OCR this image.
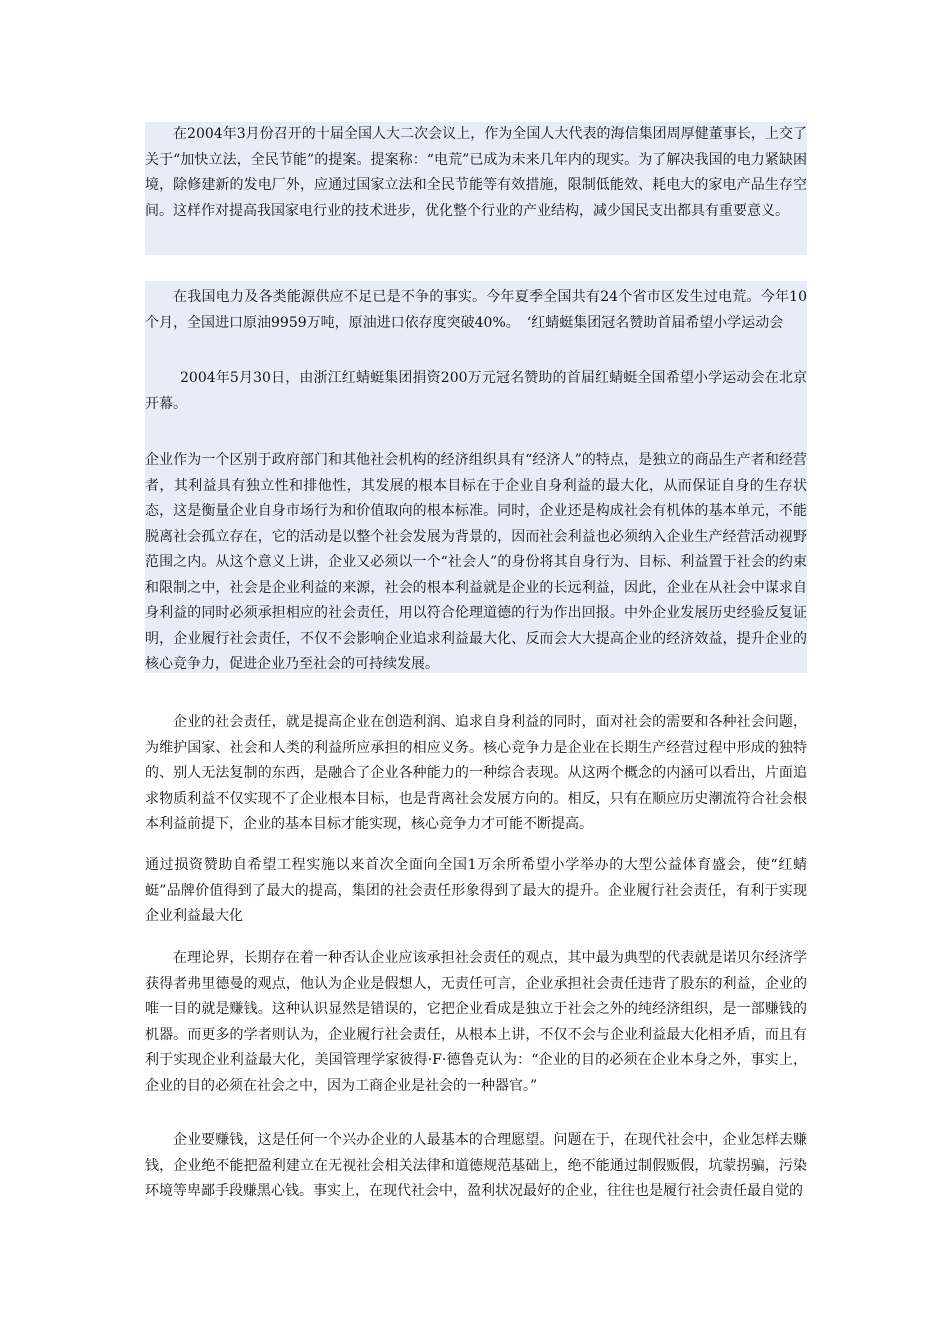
在2004年3月份召开的十届全国人大二次会议上，作为全国人大代表的海信集团周厚健董事长，上交了关于“加快立法，全民节能”的提案。提案称：“电荒”已成为未来几年内的现实。为了解决我国的电力紧缺困境，除修建新的发电厂外，应通过国家立法和全民节能等有效措施，限制低能效、耗电大的家电产品生存空间。这样作对提高我国家电行业的技术进步，优化整个行业的产业结构，减少国民支出都具有重要意义。

在我国电力及各类能源供应不足已是不争的事实。今年夏季全国共有24个省市区发生过电荒。今年10个月，全国进口原油9959万吨，原油进口依存度突破40%。　‘红蜻蜓集团冠名赞助首届希望小学运动会

2004年5月30日，由浙江红蜻蜓集团捐资200万元冠名赞助的首届红蜻蜓全国希望小学运动会在北京开幕。

企业作为一个区别于政府部门和其他社会机构的经济组织具有“经济人”的特点，是独立的商品生产者和经营者，其利益具有独立性和排他性，其发展的根本目标在于企业自身利益的最大化，从而保证自身的生存状态，这是衡量企业自身市场行为和价值取向的根本标准。同时，企业还是构成社会有机体的基本单元，不能脱离社会孤立存在，它的活动是以整个社会发展为背景的，因而社会利益也必须纳入企业生产经营活动视野范围之内。从这个意义上讲，企业又必须以一个“社会人”的身份将其自身行为、目标、利益置于社会的约束和限制之中，社会是企业利益的来源，社会的根本利益就是企业的长远利益，因此，企业在从社会中谋求自身利益的同时必须承担相应的社会责任，用以符合伦理道德的行为作出回报。中外企业发展历史经验反复证明，企业履行社会责任，不仅不会影响企业追求利益最大化、反而会大大提高企业的经济效益，提升企业的核心竞争力，促进企业乃至社会的可持续发展。

企业的社会责任，就是提高企业在创造利润、追求自身利益的同时，面对社会的需要和各种社会问题，为维护国家、社会和人类的利益所应承担的相应义务。核心竞争力是企业在长期生产经营过程中形成的独特的、别人无法复制的东西，是融合了企业各种能力的一种综合表现。从这两个概念的内涵可以看出，片面追求物质利益不仅实现不了企业根本目标，也是背离社会发展方向的。相反，只有在顺应历史潮流符合社会根本利益前提下，企业的基本目标才能实现，核心竞争力才可能不断提高。

通过损资赞助自希望工程实施以来首次全面向全国1万余所希望小学举办的大型公益体育盛会，使“红蜻蜓”品牌价值得到了最大的提高，集团的社会责任形象得到了最大的提升。企业履行社会责任，有利于实现企业利益最大化

在理论界，长期存在着一种否认企业应该承担社会责任的观点，其中最为典型的代表就是诺贝尔经济学获得者弗里德曼的观点，他认为企业是假想人，无责任可言，企业承担社会责任违背了股东的利益，企业的唯一目的就是赚钱。这种认识显然是错误的，它把企业看成是独立于社会之外的纯经济组织，是一部赚钱的机器。而更多的学者则认为，企业履行社会责任，从根本上讲，不仅不会与企业利益最大化相矛盾，而且有利于实现企业利益最大化，美国管理学家彼得·F·德鲁克认为：“企业的目的必须在企业本身之外，事实上，企业的目的必须在社会之中，因为工商企业是社会的一种器官。”

企业要赚钱，这是任何一个兴办企业的人最基本的合理愿望。问题在于，在现代社会中，企业怎样去赚钱，企业绝不能把盈利建立在无视社会相关法律和道德规范基础上，绝不能通过制假贩假，坑蒙拐骗，污染环境等卑鄙手段赚黑心钱。事实上，在现代社会中，盈利状况最好的企业，往往也是履行社会责任最自觉的
